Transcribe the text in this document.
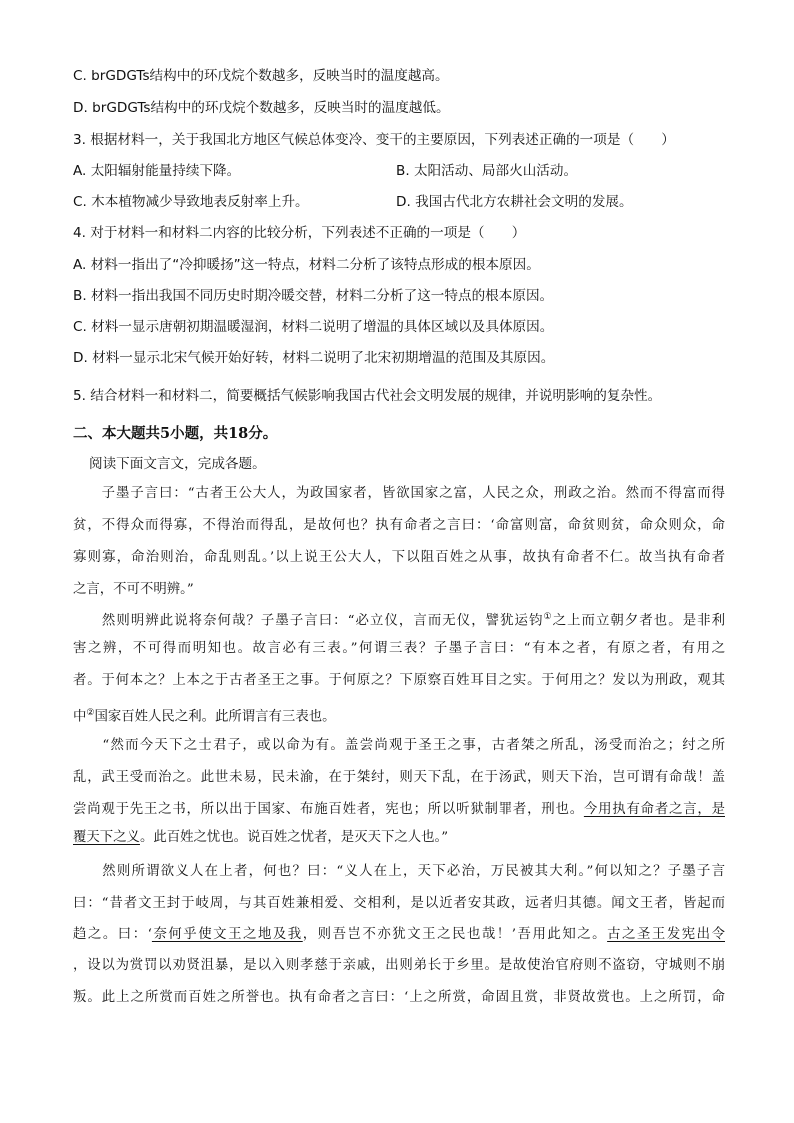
C. brGDGTs结构中的环戊烷个数越多，反映当时的温度越高。
D. brGDGTs结构中的环戊烷个数越多，反映当时的温度越低。
3. 根据材料一，关于我国北方地区气候总体变冷、变干的主要原因，下列表述正确的一项是（　　）
A. 太阳辐射能量持续下降。	B. 太阳活动、局部火山活动。
C. 木本植物减少导致地表反射率上升。	D. 我国古代北方农耕社会文明的发展。
4. 对于材料一和材料二内容的比较分析，下列表述不正确的一项是（　　）
A. 材料一指出了“冷抑暖扬”这一特点，材料二分析了该特点形成的根本原因。
B. 材料一指出我国不同历史时期冷暖交替，材料二分析了这一特点的根本原因。
C. 材料一显示唐朝初期温暖湿润，材料二说明了增温的具体区域以及具体原因。
D. 材料一显示北宋气候开始好转，材料二说明了北宋初期增温的范围及其原因。
5. 结合材料一和材料二，简要概括气候影响我国古代社会文明发展的规律，并说明影响的复杂性。
二、本大题共5小题，共18分。
阅读下面文言文，完成各题。
　　子墨子言曰：“古者王公大人，为政国家者，皆欲国家之富，人民之众，刑政之治。然而不得富而得
贫，不得众而得寡，不得治而得乱，是故何也？执有命者之言曰：‘命富则富，命贫则贫，命众则众，命
寡则寡，命治则治，命乱则乱。’以上说王公大人，下以阻百姓之从事，故执有命者不仁。故当执有命者
之言，不可不明辨。”
　　然则明辨此说将奈何哉？子墨子言曰：“必立仪，言而无仪，譬犹运钧①之上而立朝夕者也。是非利
害之辨，不可得而明知也。故言必有三表。”何谓三表？子墨子言曰：“有本之者，有原之者，有用之
者。于何本之？上本之于古者圣王之事。于何原之？下原察百姓耳目之实。于何用之？发以为刑政，观其
中②国家百姓人民之利。此所谓言有三表也。
　　“然而今天下之士君子，或以命为有。盖尝尚观于圣王之事，古者桀之所乱，汤受而治之；纣之所
乱，武王受而治之。此世未易，民未渝，在于桀纣，则天下乱，在于汤武，则天下治，岂可谓有命哉！盖
尝尚观于先王之书，所以出于国家、布施百姓者，宪也；所以听狱制罪者，刑也。今用执有命者之言，是
覆天下之义。此百姓之忧也。说百姓之忧者，是灭天下之人也。”
　　然则所谓欲义人在上者，何也？曰：“义人在上，天下必治，万民被其大利。”何以知之？子墨子言
曰：“昔者文王封于岐周，与其百姓兼相爱、交相利，是以近者安其政，远者归其德。闻文王者，皆起而
趋之。曰：‘奈何乎使文王之地及我，则吾岂不亦犹文王之民也哉！’吾用此知之。古之圣王发宪出令
，设以为赏罚以劝贤沮暴，是以入则孝慈于亲戚，出则弟长于乡里。是故使治官府则不盗窃，守城则不崩
叛。此上之所赏而百姓之所誉也。执有命者之言曰：‘上之所赏，命固且赏，非贤故赏也。上之所罚，命
